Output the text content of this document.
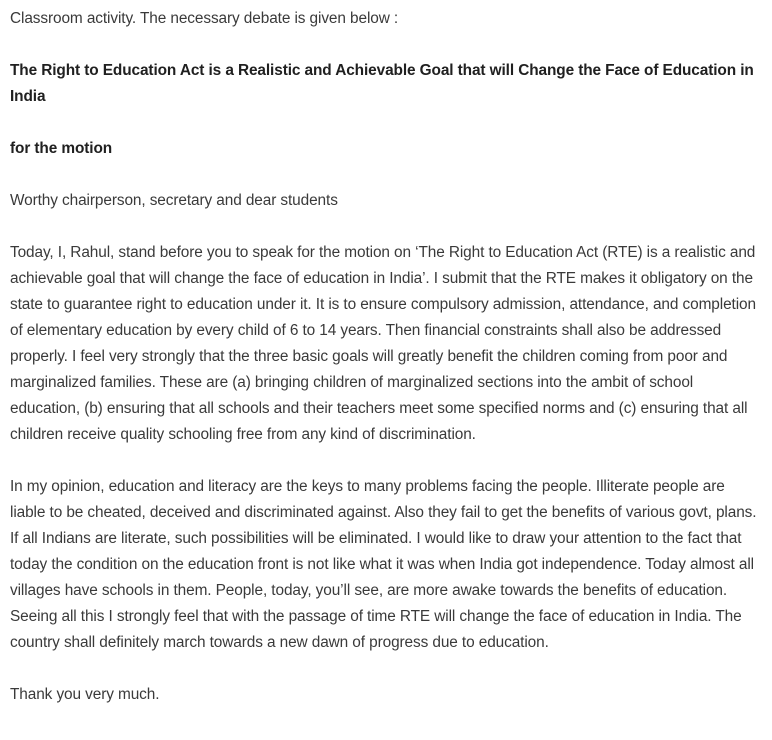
Classroom activity. The necessary debate is given below :

The Right to Education Act is a Realistic and Achievable Goal that will Change the Face of Education in India

for the motion

Worthy chairperson, secretary and dear students

Today, I, Rahul, stand before you to speak for the motion on ‘The Right to Education Act (RTE) is a realistic and achievable goal that will change the face of education in India’. I submit that the RTE makes it obligatory on the state to guarantee right to education under it. It is to ensure compulsory admission, attendance, and completion of elementary education by every child of 6 to 14 years. Then financial constraints shall also be addressed properly. I feel very strongly that the three basic goals will greatly benefit the children coming from poor and marginalized families. These are (a) bringing children of marginalized sections into the ambit of school education, (b) ensuring that all schools and their teachers meet some specified norms and (c) ensuring that all children receive quality schooling free from any kind of discrimination.

In my opinion, education and literacy are the keys to many problems facing the people. Illiterate people are liable to be cheated, deceived and discriminated against. Also they fail to get the benefits of various govt, plans. If all Indians are literate, such possibilities will be eliminated. I would like to draw your attention to the fact that today the condition on the education front is not like what it was when India got independence. Today almost all villages have schools in them. People, today, you’ll see, are more awake towards the benefits of education. Seeing all this I strongly feel that with the passage of time RTE will change the face of education in India. The country shall definitely march towards a new dawn of progress due to education.

Thank you very much.
